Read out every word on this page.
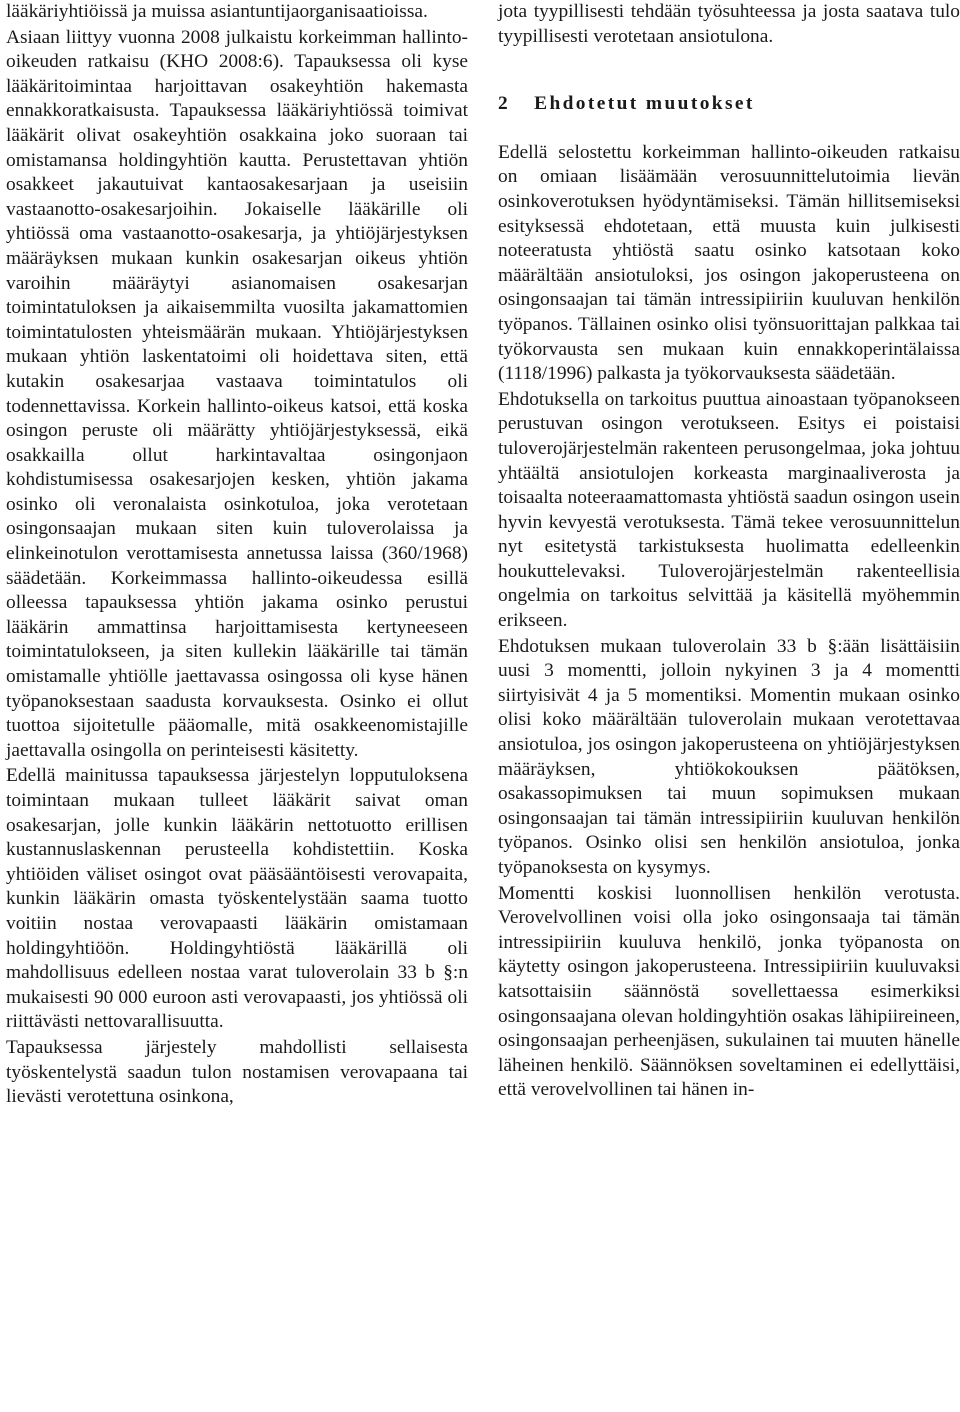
lääkäriyhtiöissä ja muissa asiantuntijaorganisaatioissa.

Asiaan liittyy vuonna 2008 julkaistu korkeimman hallinto-oikeuden ratkaisu (KHO 2008:6). Tapauksessa oli kyse lääkäritoimintaa harjoittavan osakeyhtiön hakemasta ennakkoratkaisusta. Tapauksessa lääkäriyhtiössä toimivat lääkärit olivat osakeyhtiön osakkaina joko suoraan tai omistamansa holdingyhtiön kautta. Perustettavan yhtiön osakkeet jakautuivat kantaosakesarjaan ja useisiin vastaanotto-osakesarjoihin. Jokaiselle lääkärille oli yhtiössä oma vastaanotto-osakesarja, ja yhtiöjärjestyksen määräyksen mukaan kunkin osakesarjan oikeus yhtiön varoihin määräytyi asianomaisen osakesarjan toimintatuloksen ja aikaisemmilta vuosilta jakamattomien toimintatulosten yhteismäärän mukaan. Yhtiöjärjestyksen mukaan yhtiön laskentatoimi oli hoidettava siten, että kutakin osakesarjaa vastaava toimintatulos oli todennettavissa. Korkein hallinto-oikeus katsoi, että koska osingon peruste oli määrätty yhtiöjärjestyksessä, eikä osakkailla ollut harkintavaltaa osingonjaon kohdistumisessa osakesarjojen kesken, yhtiön jakama osinko oli veronalaista osinkotuloa, joka verotetaan osingonsaajan mukaan siten kuin tuloverolaissa ja elinkeinotulon verottamisesta annetussa laissa (360/1968) säädetään. Korkeimmassa hallinto-oikeudessa esillä olleessa tapauksessa yhtiön jakama osinko perustui lääkärin ammattinsa harjoittamisesta kertyneeseen toimintatulokseen, ja siten kullekin lääkärille tai tämän omistamalle yhtiölle jaettavassa osingossa oli kyse hänen työpanoksestaan saadusta korvauksesta. Osinko ei ollut tuottoa sijoitetulle pääomalle, mitä osakkeenomistajille jaettavalla osingolla on perinteisesti käsitetty.

Edellä mainitussa tapauksessa järjestelyn lopputuloksena toimintaan mukaan tulleet lääkärit saivat oman osakesarjan, jolle kunkin lääkärin nettotuotto erillisen kustannuslaskennan perusteella kohdistettiin. Koska yhtiöiden väliset osingot ovat pääsääntöisesti verovapaita, kunkin lääkärin omasta työskentelystään saama tuotto voitiin nostaa verovapaasti lääkärin omistamaan holdingyhtiöön. Holdingyhtiöstä lääkärillä oli mahdollisuus edelleen nostaa varat tuloverolain 33 b §:n mukaisesti 90 000 euroon asti verovapaasti, jos yhtiössä oli riittävästi nettovarallisuutta.

Tapauksessa järjestely mahdollisti sellaisesta työskentelystä saadun tulon nostamisen verovapaana tai lievästi verotettuna osinkona,

jota tyypillisesti tehdään työsuhteessa ja josta saatava tulo tyypillisesti verotetaan ansiotulona.

2 Ehdotetut muutokset

Edellä selostettu korkeimman hallinto-oikeuden ratkaisu on omiaan lisäämään verosuunnittelutoimia lievän osinkoverotuksen hyödyntämiseksi. Tämän hillitsemiseksi esityksessä ehdotetaan, että muusta kuin julkisesti noteeratusta yhtiöstä saatu osinko katsotaan koko määrältään ansiotuloksi, jos osingon jakoperusteena on osingonsaajan tai tämän intressipiiriin kuuluvan henkilön työpanos. Tällainen osinko olisi työnsuorittajan palkkaa tai työkorvausta sen mukaan kuin ennakkoperintälaissa (1118/1996) palkasta ja työkorvauksesta säädetään.

Ehdotuksella on tarkoitus puuttua ainoastaan työpanokseen perustuvan osingon verotukseen. Esitys ei poistaisi tuloverojärjestelmän rakenteen perusongelmaa, joka johtuu yhtäältä ansiotulojen korkeasta marginaaliverosta ja toisaalta noteeraamattomasta yhtiöstä saadun osingon usein hyvin kevyestä verotuksesta. Tämä tekee verosuunnittelun nyt esitetystä tarkistuksesta huolimatta edelleenkin houkuttelevaksi. Tuloverojärjestelmän rakenteellisia ongelmia on tarkoitus selvittää ja käsitellä myöhemmin erikseen.

Ehdotuksen mukaan tuloverolain 33 b §:ään lisättäisiin uusi 3 momentti, jolloin nykyinen 3 ja 4 momentti siirtyisivät 4 ja 5 momentiksi. Momentin mukaan osinko olisi koko määrältään tuloverolain mukaan verotettavaa ansiotuloa, jos osingon jakoperusteena on yhtiöjärjestyksen määräyksen, yhtiökokouksen päätöksen, osakassopimuksen tai muun sopimuksen mukaan osingonsaajan tai tämän intressipiiriin kuuluvan henkilön työpanos. Osinko olisi sen henkilön ansiotuloa, jonka työpanoksesta on kysymys.

Momentti koskisi luonnollisen henkilön verotusta. Verovelvollinen voisi olla joko osingonsaaja tai tämän intressipiiriin kuuluva henkilö, jonka työpanosta on käytetty osingon jakoperusteena. Intressipiiriin kuuluvaksi katsottaisiin säännöstä sovellettaessa esimerkiksi osingonsaajana olevan holdingyhtiön osakas lähipiireineen, osingonsaajan perheenjäsen, sukulainen tai muuten hänelle läheinen henkilö. Säännöksen soveltaminen ei edellyttäisi, että verovelvollinen tai hänen in-
